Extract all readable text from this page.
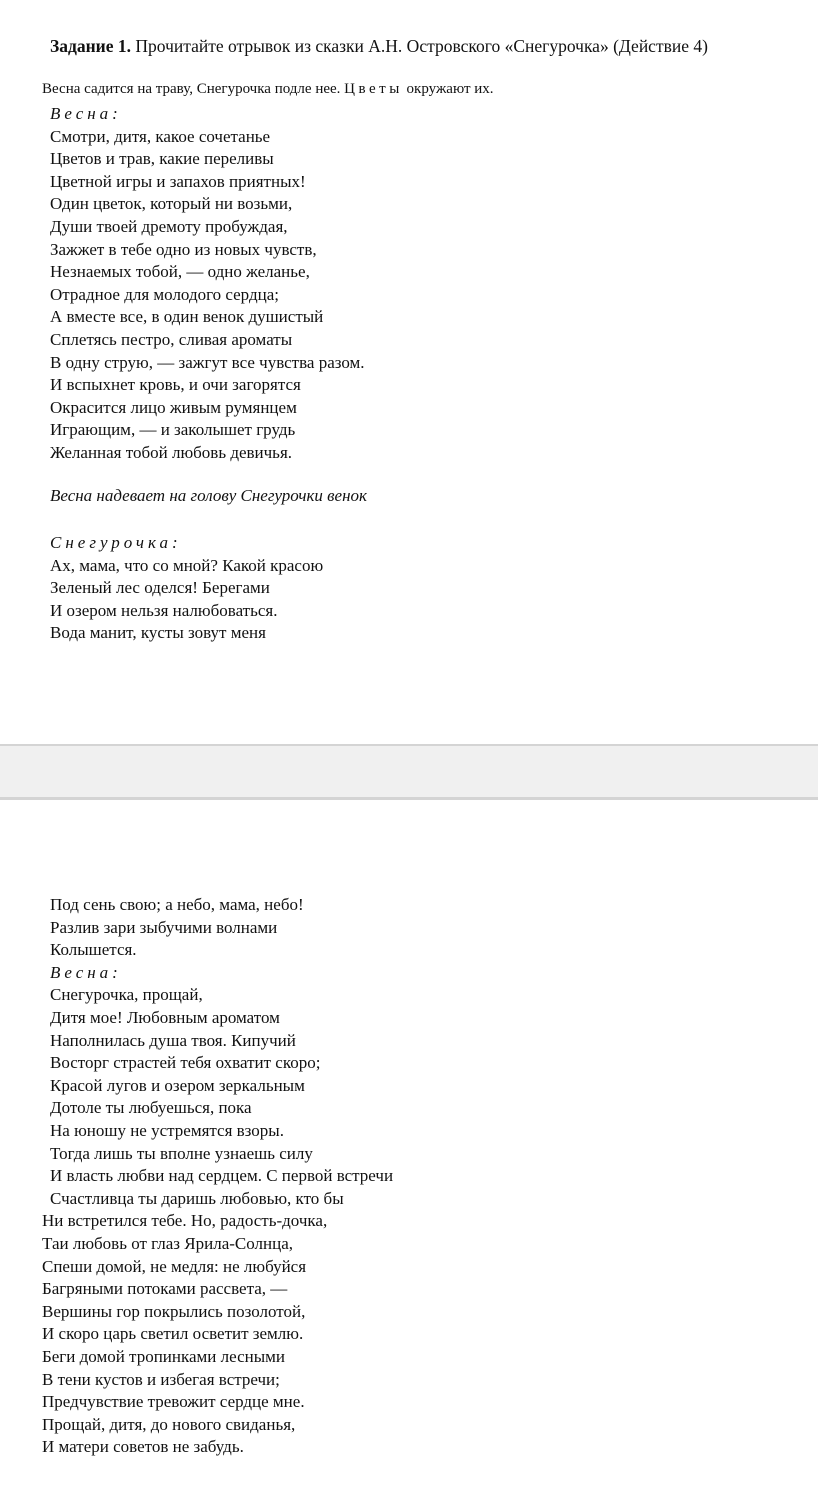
Задание 1. Прочитайте отрывок из сказки А.Н. Островского «Снегурочка» (Действие 4)
Весна садится на траву, Снегурочка подле нее. Цветы окружают их.
Весна:
Смотри, дитя, какое сочетанье
Цветов и трав, какие переливы
Цветной игры и запахов приятных!
Один цветок, который ни возьми,
Души твоей дремоту пробуждая,
Зажжет в тебе одно из новых чувств,
Незнаемых тобой, — одно желанье,
Отрадное для молодого сердца;
А вместе все, в один венок душистый
Сплетясь пестро, сливая ароматы
В одну струю, — зажгут все чувства разом.
И вспыхнет кровь, и очи загорятся
Окрасится лицо живым румянцем
Играющим, — и заколышет грудь
Желанная тобой любовь девичья.
Весна надевает на голову Снегурочки венок
Снегурочка:
Ах, мама, что со мной? Какой красою
Зеленый лес оделся! Берегами
И озером нельзя налюбоваться.
Вода манит, кусты зовут меня
Под сень свою; а небо, мама, небо!
Разлив зари зыбучими волнами
Колышется.
Весна:
Снегурочка, прощай,
Дитя мое! Любовным ароматом
Наполнилась душа твоя. Кипучий
Восторг страстей тебя охватит скоро;
Красой лугов и озером зеркальным
Дотоле ты любуешься, пока
На юношу не устремятся взоры.
Тогда лишь ты вполне узнаешь силу
И власть любви над сердцем. С первой встречи
Счастливца ты даришь любовью, кто бы
Ни встретился тебе. Но, радость-дочка,
Таи любовь от глаз Ярила-Солнца,
Спеши домой, не медля: не любуйся
Багряными потоками рассвета, —
Вершины гор покрылись позолотой,
И скоро царь светил осветит землю.
Беги домой тропинками лесными
В тени кустов и избегая встречи;
Предчувствие тревожит сердце мне.
Прощай, дитя, до нового свиданья,
И матери советов не забудь.
